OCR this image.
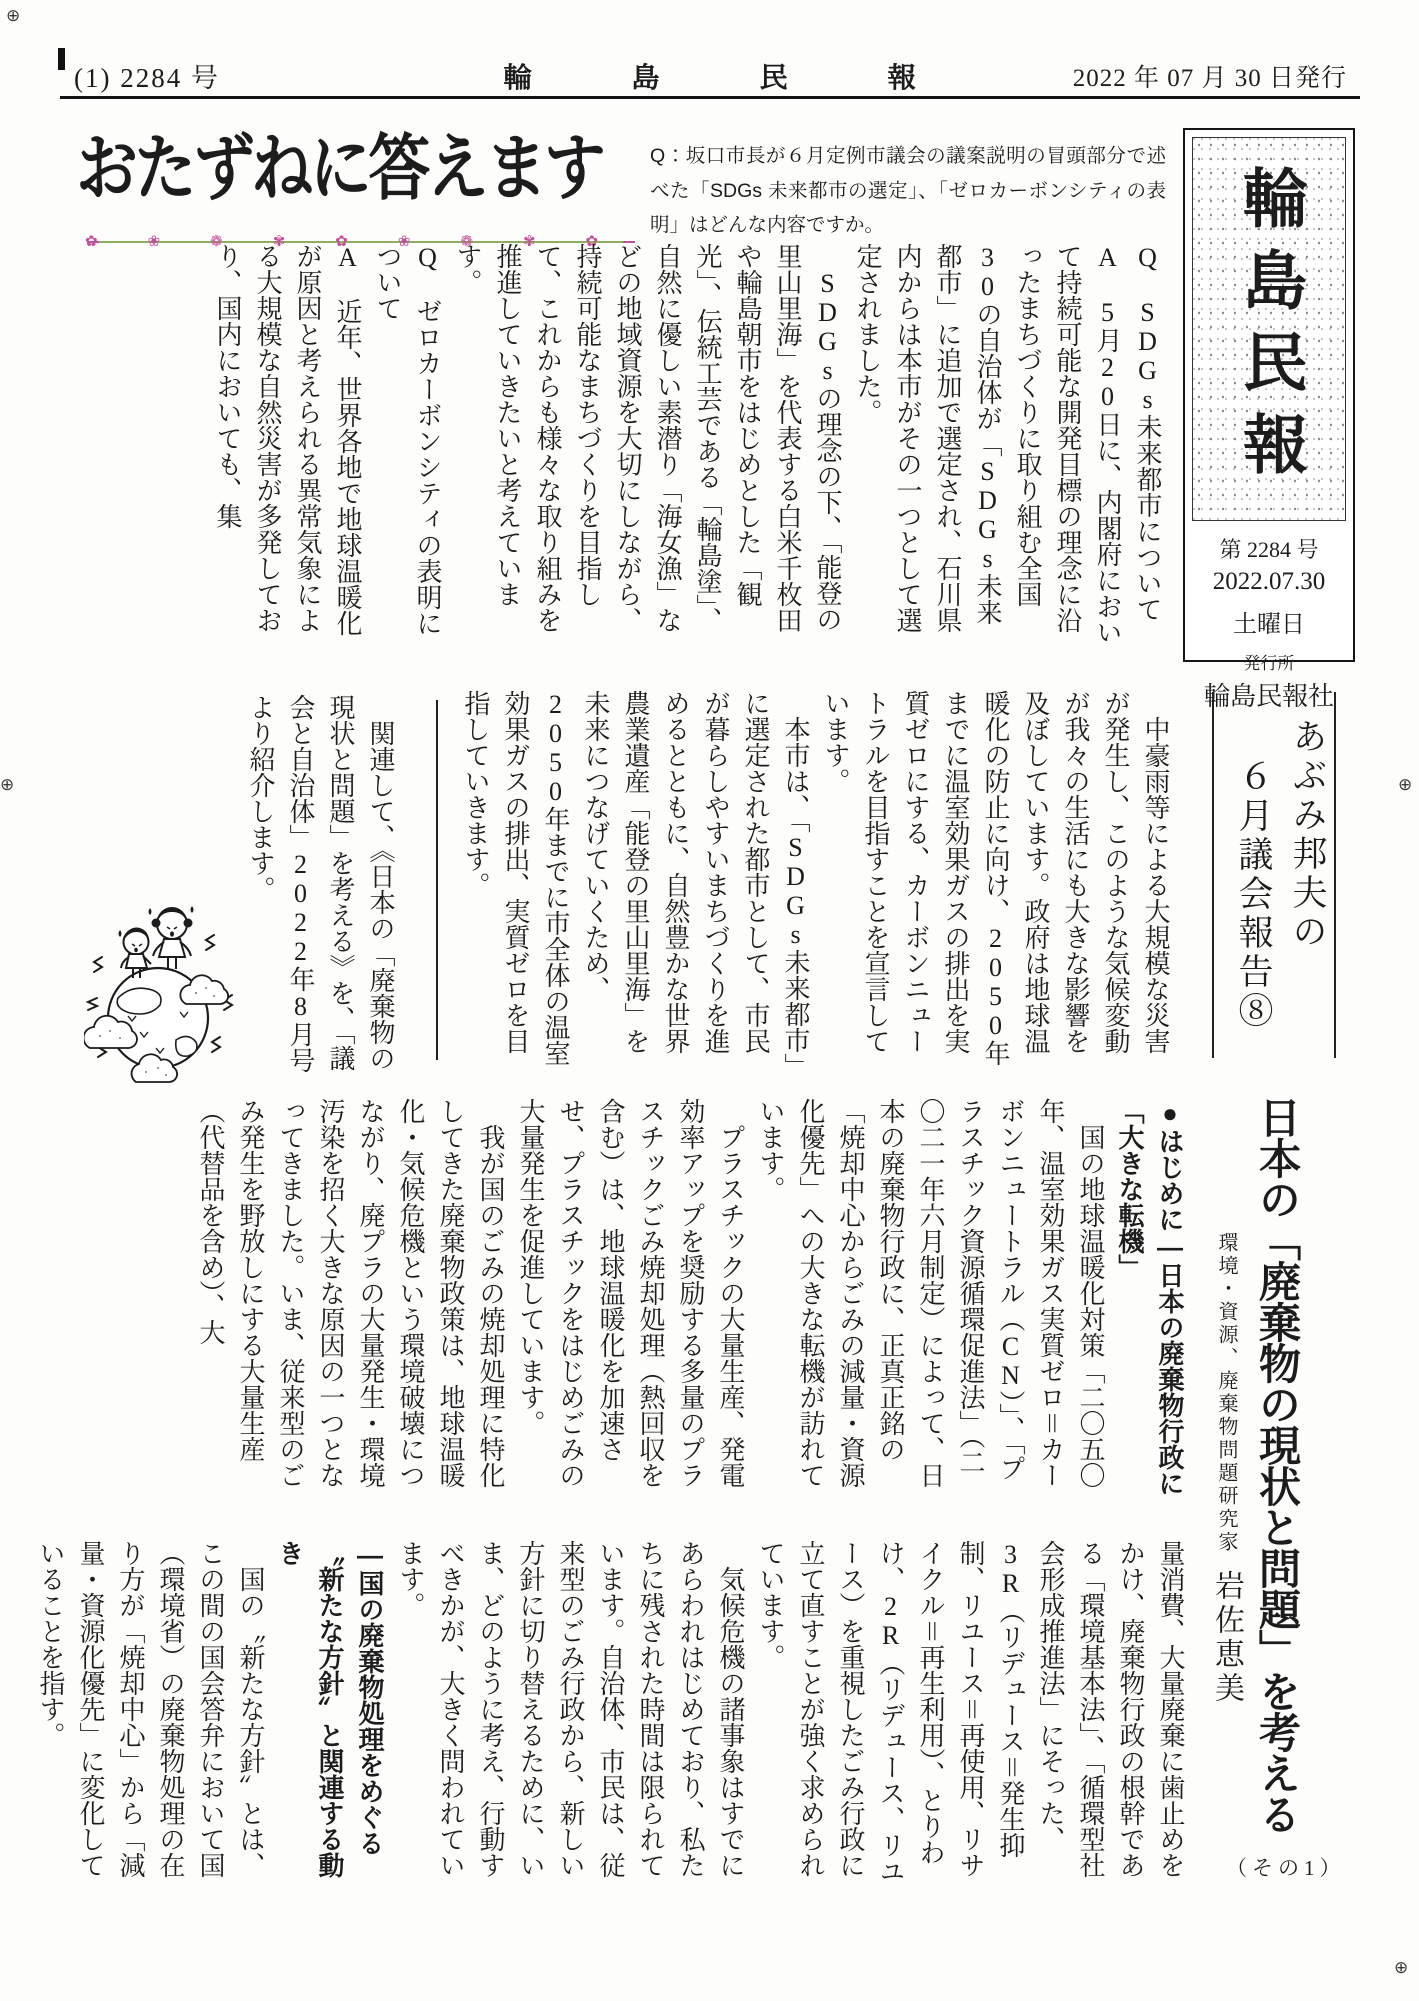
⊕
⊕	⊕
⊕
(1) 2284 号	輪　島　民　報	2022 年 07 月 30 日発行
おたずねに答えます
✿❀❁✾✿❀❁✾✿
Q：坂口市長が６月定例市議会の議案説明の冒頭部分で述べた「SDGs 未来都市の選定」、「ゼロカーボンシティの表明」はどんな内容ですか。

Q　SDGs未来都市について

A　5月20日に、内閣府において持続可能な開発目標の理念に沿ったまちづくりに取り組む全国30の自治体が「SDGs未来都市」に追加で選定され、石川県内からは本市がその一つとして選定されました。

　SDGsの理念の下、「能登の里山里海」を代表する白米千枚田や輪島朝市をはじめとした「観光」、伝統工芸である「輪島塗」、自然に優しい素潜り「海女漁」などの地域資源を大切にしながら、持続可能なまちづくりを目指して、これからも様々な取り組みを推進していきたいと考えています。

Q　ゼロカーボンシティの表明について

A　近年、世界各地で地球温暖化が原因と考えられる異常気象による大規模な自然災害が多発しており、国内においても、集	輪島民報
第 2284 号
2022.07.30
土曜日
発行所
輪島民報社
あぶみ邦夫の
６月議会報告⑧

　中豪雨等による大規模な災害が発生し、このような気候変動が我々の生活にも大きな影響を及ぼしています。政府は地球温暖化の防止に向け、2050年までに温室効果ガスの排出を実質ゼロにする、カーボンニュートラルを目指すことを宣言しています。

　本市は、「SDGs未来都市」に選定された都市として、市民が暮らしやすいまちづくりを進めるとともに、自然豊かな世界農業遺産「能登の里山里海」を未来につなげていくため、2050年までに市全体の温室効果ガスの排出、実質ゼロを目指していきます。

　関連して、《日本の「廃棄物の現状と問題」を考える》を、「議会と自治体」2022年8月号より紹介します。

日本の「廃棄物の現状と問題」を考える
環境・資源、廃棄物問題研究家岩佐恵美
（その1）
●はじめに―日本の廃棄物行政に「大きな転機」

　国の地球温暖化対策「二〇五〇年、温室効果ガス実質ゼロ＝カーボンニュートラル（CN）」、「プラスチック資源循環促進法」（二〇二一年六月制定）によって、日本の廃棄物行政に、正真正銘の「焼却中心からごみの減量・資源化優先」への大きな転機が訪れています。

　プラスチックの大量生産、発電効率アップを奨励する多量のプラスチックごみ焼却処理（熱回収を含む）は、地球温暖化を加速させ、プラスチックをはじめごみの大量発生を促進しています。

　我が国のごみの焼却処理に特化してきた廃棄物政策は、地球温暖化・気候危機という環境破壊につながり、廃プラの大量発生・環境汚染を招く大きな原因の一つとなってきました。いま、従来型のごみ発生を野放しにする大量生産（代替品を含め）、大

量消費、大量廃棄に歯止めをかけ、廃棄物行政の根幹である「環境基本法」、「循環型社会形成推進法」にそった、3R（リデュース＝発生抑制、リユース＝再使用、リサイクル＝再生利用）、とりわけ、2R（リデュース、リユース）を重視したごみ行政に立て直すことが強く求められています。

　気候危機の諸事象はすでにあらわれはじめており、私たちに残された時間は限られています。自治体、市民は、従来型のごみ行政から、新しい方針に切り替えるために、いま、どのように考え、行動すべきかが、大きく問われています。

―国の廃棄物処理をめぐる〝新たな方針〟と関連する動き

　国の〝新たな方針〟とは、この間の国会答弁において国（環境省）の廃棄物処理の在り方が「焼却中心」から「減量・資源化優先」に変化していることを指す。
